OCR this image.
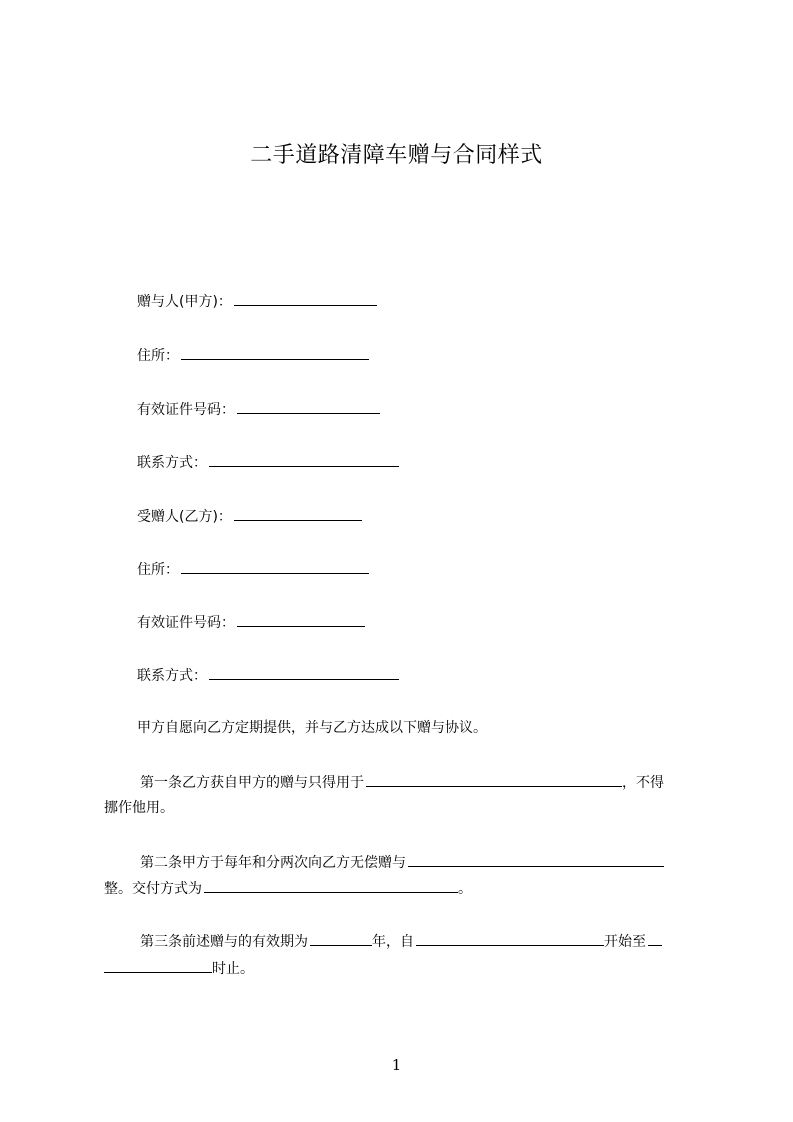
二手道路清障车赠与合同样式
赠与人(甲方)：
住所：
有效证件号码：
联系方式：
受赠人(乙方)：
住所：
有效证件号码：
联系方式：
甲方自愿向乙方定期提供，并与乙方达成以下赠与协议。
第一条乙方获自甲方的赠与只得用于	，不得
挪作他用。
第二条甲方于每年和分两次向乙方无偿赠与
整。交付方式为	。
第三条前述赠与的有效期为	年，自	开始至
时止。
1
